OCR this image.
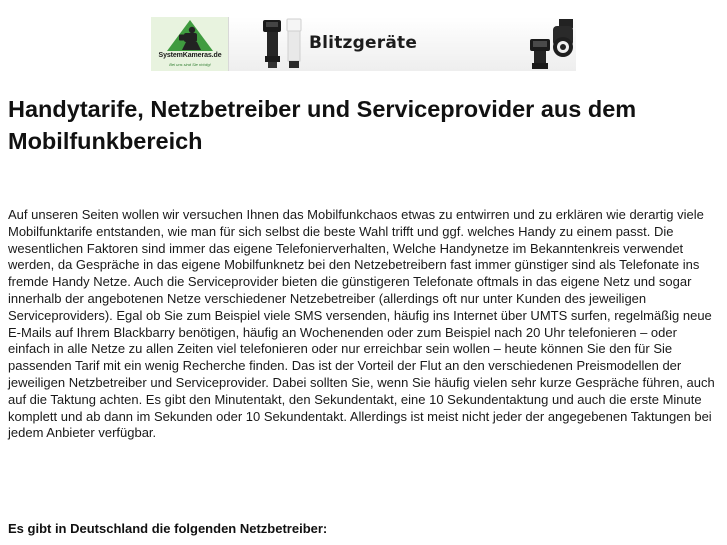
SystemKameras.de
Bei uns sind Sie richtig!
Blitzgeräte
Handytarife, Netzbetreiber und Serviceprovider aus dem Mobilfunkbereich

Auf unseren Seiten wollen wir versuchen Ihnen das Mobilfunkchaos etwas zu entwirren und zu erklären wie derartig viele Mobilfunktarife entstanden, wie man für sich selbst die beste Wahl trifft und ggf. welches Handy zu einem passt. Die wesentlichen Faktoren sind immer das eigene Telefonierverhalten, Welche Handynetze im Bekanntenkreis verwendet werden, da Gespräche in das eigene Mobilfunknetz bei den Netzebetreibern fast immer günstiger sind als Telefonate ins fremde Handy Netze. Auch die Serviceprovider bieten die günstigeren Telefonate oftmals in das eigene Netz und sogar innerhalb der angebotenen Netze verschiedener Netzebetreiber (allerdings oft nur unter Kunden des jeweiligen Serviceproviders). Egal ob Sie zum Beispiel viele SMS versenden, häufig ins Internet über UMTS surfen, regelmäßig neue E-Mails auf Ihrem Blackbarry benötigen, häufig an Wochenenden oder zum Beispiel nach 20 Uhr telefonieren – oder einfach in alle Netze zu allen Zeiten viel telefonieren oder nur erreichbar sein wollen – heute können Sie den für Sie passenden Tarif mit ein wenig Recherche finden. Das ist der Vorteil der Flut an den verschiedenen Preismodellen der jeweiligen Netzbetreiber und Serviceprovider. Dabei sollten Sie, wenn Sie häufig vielen sehr kurze Gespräche führen, auch auf die Taktung achten. Es gibt den Minutentakt, den Sekundentakt, eine 10 Sekundentaktung und auch die erste Minute komplett und ab dann im Sekunden oder 10 Sekundentakt. Allerdings ist meist nicht jeder der angegebenen Taktungen bei jedem Anbieter verfügbar.

Es gibt in Deutschland die folgenden Netzbetreiber:
